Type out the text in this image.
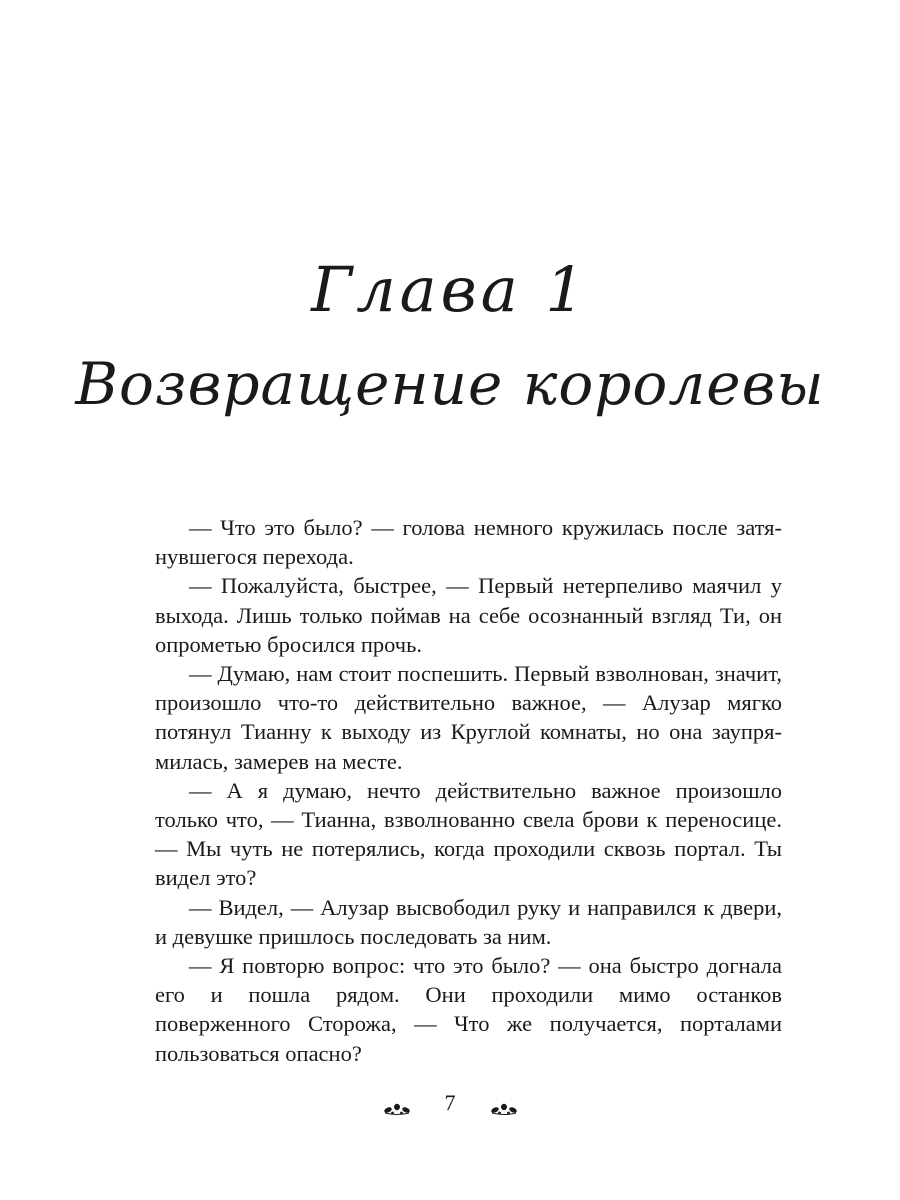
Глава 1
Возвращение королевы

— Что это было? — голова немного кружилась после затянувшегося перехода.

— Пожалуйста, быстрее, — Первый нетерпеливо маячил у выхода. Лишь только поймав на себе осознанный взгляд Ти, он опрометью бросился прочь.

— Думаю, нам стоит поспешить. Первый взволнован, значит, произошло что-то действительно важное, — Алузар мягко потянул Тианну к выходу из Круглой комнаты, но она заупрямилась, замерев на месте.

— А я думаю, нечто действительно важное произошло только что, — Тианна, взволнованно свела брови к переносице. — Мы чуть не потерялись, когда проходили сквозь портал. Ты видел это?

— Видел, — Алузар высвободил руку и направился к двери, и девушке пришлось последовать за ним.

— Я повторю вопрос: что это было? — она быстро догнала его и пошла рядом. Они проходили мимо останков поверженного Сторожа, — Что же получается, порталами пользоваться опасно?

7
